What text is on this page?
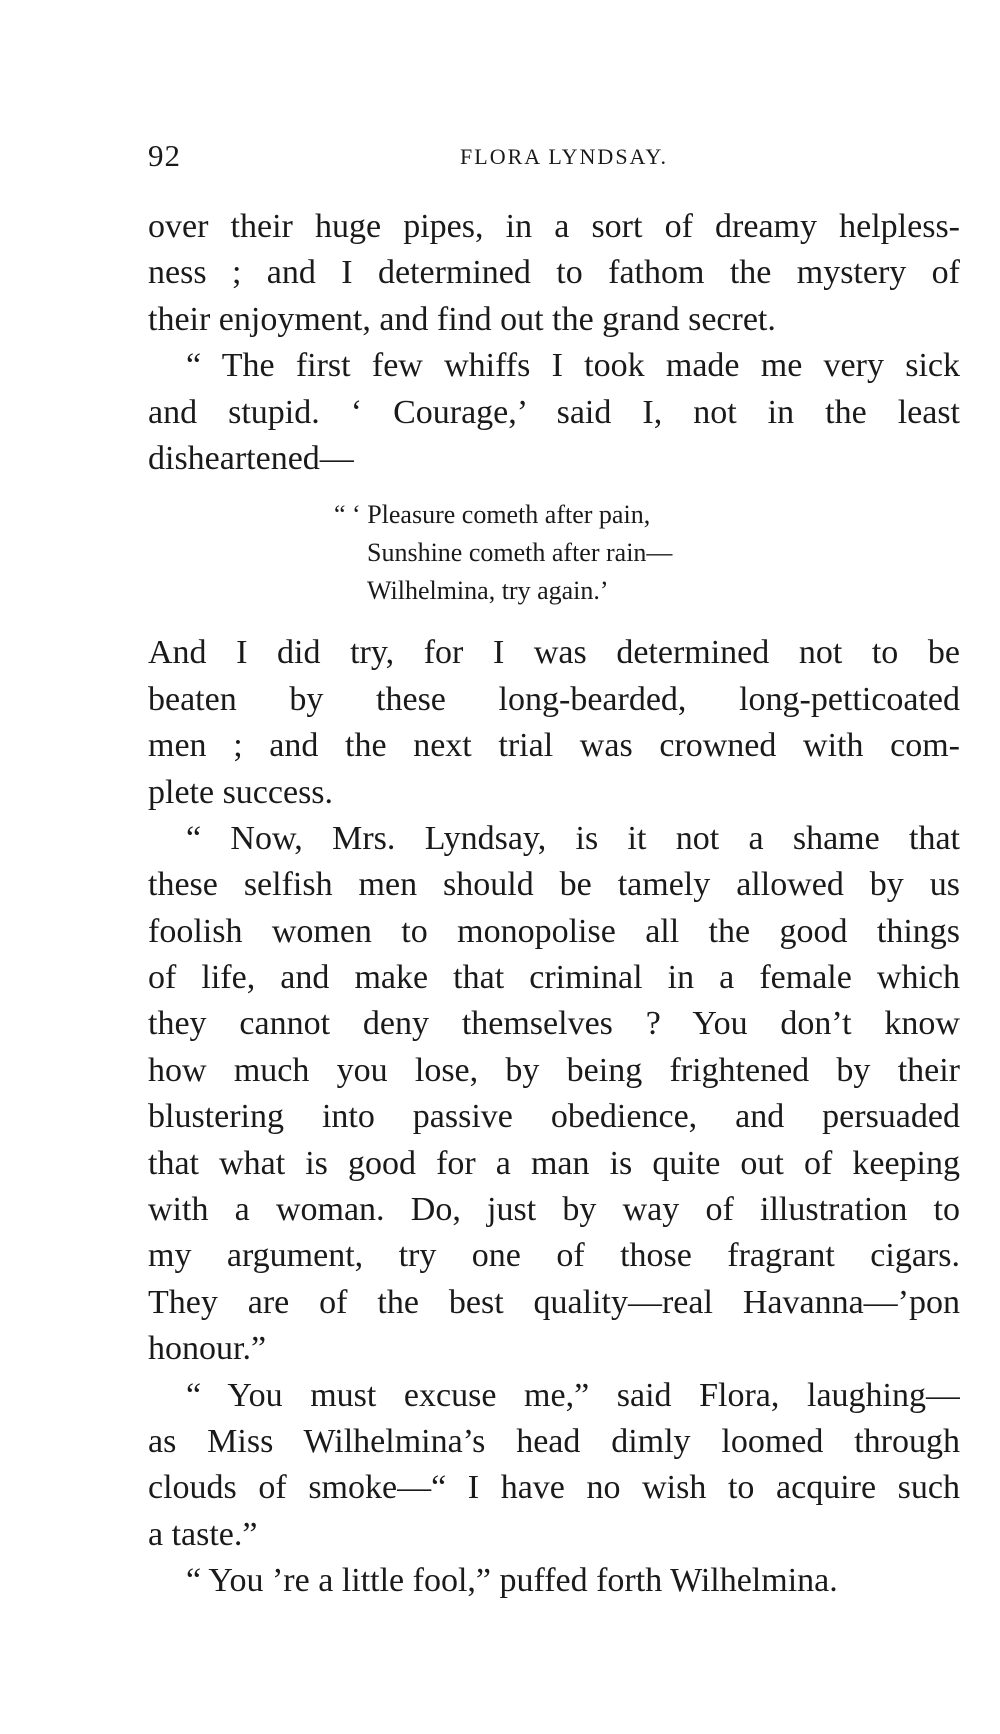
92	FLORA LYNDSAY.
over their huge pipes, in a sort of dreamy helpless-
ness ; and I determined to fathom the mystery of
their enjoyment, and find out the grand secret.
“ The first few whiffs I took made me very sick
and stupid. ‘ Courage,’ said I, not in the least
disheartened—
“ ‘ Pleasure cometh after pain,
Sunshine cometh after rain—
Wilhelmina, try again.’
And I did try, for I was determined not to be
beaten by these long-bearded, long-petticoated
men ; and the next trial was crowned with com-
plete success.
“ Now, Mrs. Lyndsay, is it not a shame that
these selfish men should be tamely allowed by us
foolish women to monopolise all the good things
of life, and make that criminal in a female which
they cannot deny themselves ? You don’t know
how much you lose, by being frightened by their
blustering into passive obedience, and persuaded
that what is good for a man is quite out of keeping
with a woman. Do, just by way of illustration to
my argument, try one of those fragrant cigars.
They are of the best quality—real Havanna—’pon
honour.”
“ You must excuse me,” said Flora, laughing—
as Miss Wilhelmina’s head dimly loomed through
clouds of smoke—“ I have no wish to acquire such
a taste.”
“ You ’re a little fool,” puffed forth Wilhelmina.
